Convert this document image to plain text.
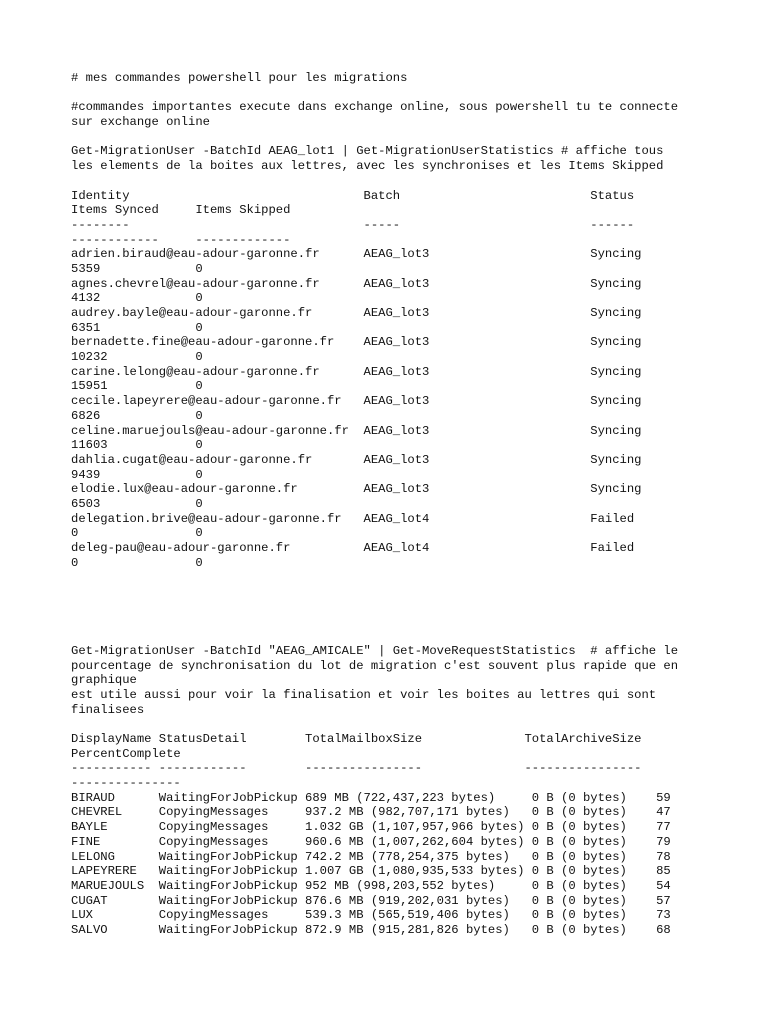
# mes commandes powershell pour les migrations
#commandes importantes execute dans exchange online, sous powershell tu te connecte
sur exchange online
Get-MigrationUser -BatchId AEAG_lot1 | Get-MigrationUserStatistics # affiche tous
les elements de la boites aux lettres, avec les synchronises et les Items Skipped
Identity                                Batch                          Status
Items Synced     Items Skipped
--------                                -----                          ------
------------     -------------
adrien.biraud@eau-adour-garonne.fr      AEAG_lot3                      Syncing
5359             0
agnes.chevrel@eau-adour-garonne.fr      AEAG_lot3                      Syncing
4132             0
audrey.bayle@eau-adour-garonne.fr       AEAG_lot3                      Syncing
6351             0
bernadette.fine@eau-adour-garonne.fr    AEAG_lot3                      Syncing
10232            0
carine.lelong@eau-adour-garonne.fr      AEAG_lot3                      Syncing
15951            0
cecile.lapeyrere@eau-adour-garonne.fr   AEAG_lot3                      Syncing
6826             0
celine.maruejouls@eau-adour-garonne.fr  AEAG_lot3                      Syncing
11603            0
dahlia.cugat@eau-adour-garonne.fr       AEAG_lot3                      Syncing
9439             0
elodie.lux@eau-adour-garonne.fr         AEAG_lot3                      Syncing
6503             0
delegation.brive@eau-adour-garonne.fr   AEAG_lot4                      Failed
0                0
deleg-pau@eau-adour-garonne.fr          AEAG_lot4                      Failed
0                0
Get-MigrationUser -BatchId "AEAG_AMICALE" | Get-MoveRequestStatistics  # affiche le
pourcentage de synchronisation du lot de migration c'est souvent plus rapide que en
graphique
est utile aussi pour voir la finalisation et voir les boites au lettres qui sont
finalisees
DisplayName StatusDetail        TotalMailboxSize              TotalArchiveSize
PercentComplete
----------- ------------        ----------------              ----------------
---------------
BIRAUD      WaitingForJobPickup 689 MB (722,437,223 bytes)     0 B (0 bytes)    59
CHEVREL     CopyingMessages     937.2 MB (982,707,171 bytes)   0 B (0 bytes)    47
BAYLE       CopyingMessages     1.032 GB (1,107,957,966 bytes) 0 B (0 bytes)    77
FINE        CopyingMessages     960.6 MB (1,007,262,604 bytes) 0 B (0 bytes)    79
LELONG      WaitingForJobPickup 742.2 MB (778,254,375 bytes)   0 B (0 bytes)    78
LAPEYRERE   WaitingForJobPickup 1.007 GB (1,080,935,533 bytes) 0 B (0 bytes)    85
MARUEJOULS  WaitingForJobPickup 952 MB (998,203,552 bytes)     0 B (0 bytes)    54
CUGAT       WaitingForJobPickup 876.6 MB (919,202,031 bytes)   0 B (0 bytes)    57
LUX         CopyingMessages     539.3 MB (565,519,406 bytes)   0 B (0 bytes)    73
SALVO       WaitingForJobPickup 872.9 MB (915,281,826 bytes)   0 B (0 bytes)    68
